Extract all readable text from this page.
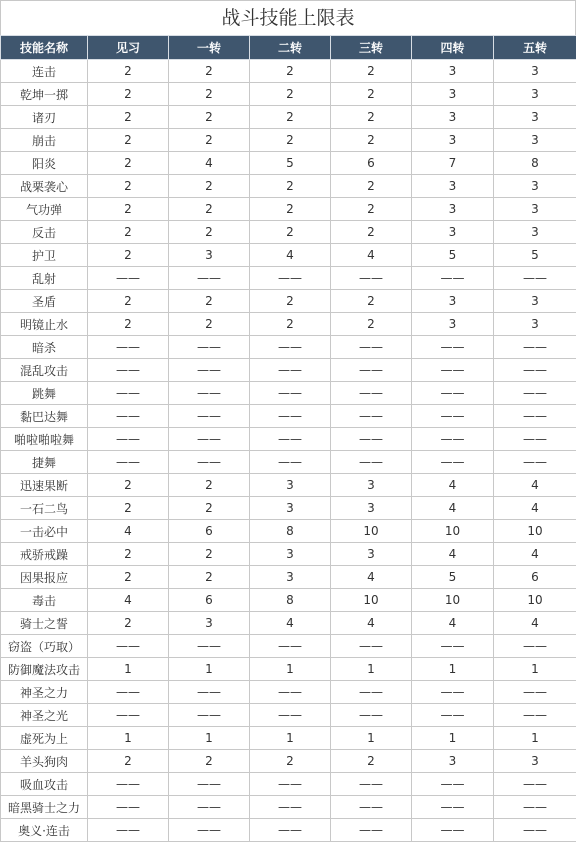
战斗技能上限表
技能名称	见习	一转	二转	三转	四转	五转
连击	2	2	2	2	3	3
乾坤一掷	2	2	2	2	3	3
诸刃	2	2	2	2	3	3
崩击	2	2	2	2	3	3
阳炎	2	4	5	6	7	8
战栗袭心	2	2	2	2	3	3
气功弹	2	2	2	2	3	3
反击	2	2	2	2	3	3
护卫	2	3	4	4	5	5
乱射	——	——	——	——	——	——
圣盾	2	2	2	2	3	3
明镜止水	2	2	2	2	3	3
暗杀	——	——	——	——	——	——
混乱攻击	——	——	——	——	——	——
跳舞	——	——	——	——	——	——
黏巴达舞	——	——	——	——	——	——
啪啦啪啦舞	——	——	——	——	——	——
捷舞	——	——	——	——	——	——
迅速果断	2	2	3	3	4	4
一石二鸟	2	2	3	3	4	4
一击必中	4	6	8	10	10	10
戒骄戒躁	2	2	3	3	4	4
因果报应	2	2	3	4	5	6
毒击	4	6	8	10	10	10
骑士之誓	2	3	4	4	4	4
窃盗（巧取）	——	——	——	——	——	——
防御魔法攻击	1	1	1	1	1	1
神圣之力	——	——	——	——	——	——
神圣之光	——	——	——	——	——	——
虚死为上	1	1	1	1	1	1
羊头狗肉	2	2	2	2	3	3
吸血攻击	——	——	——	——	——	——
暗黑骑士之力	——	——	——	——	——	——
奥义·连击	——	——	——	——	——	——
